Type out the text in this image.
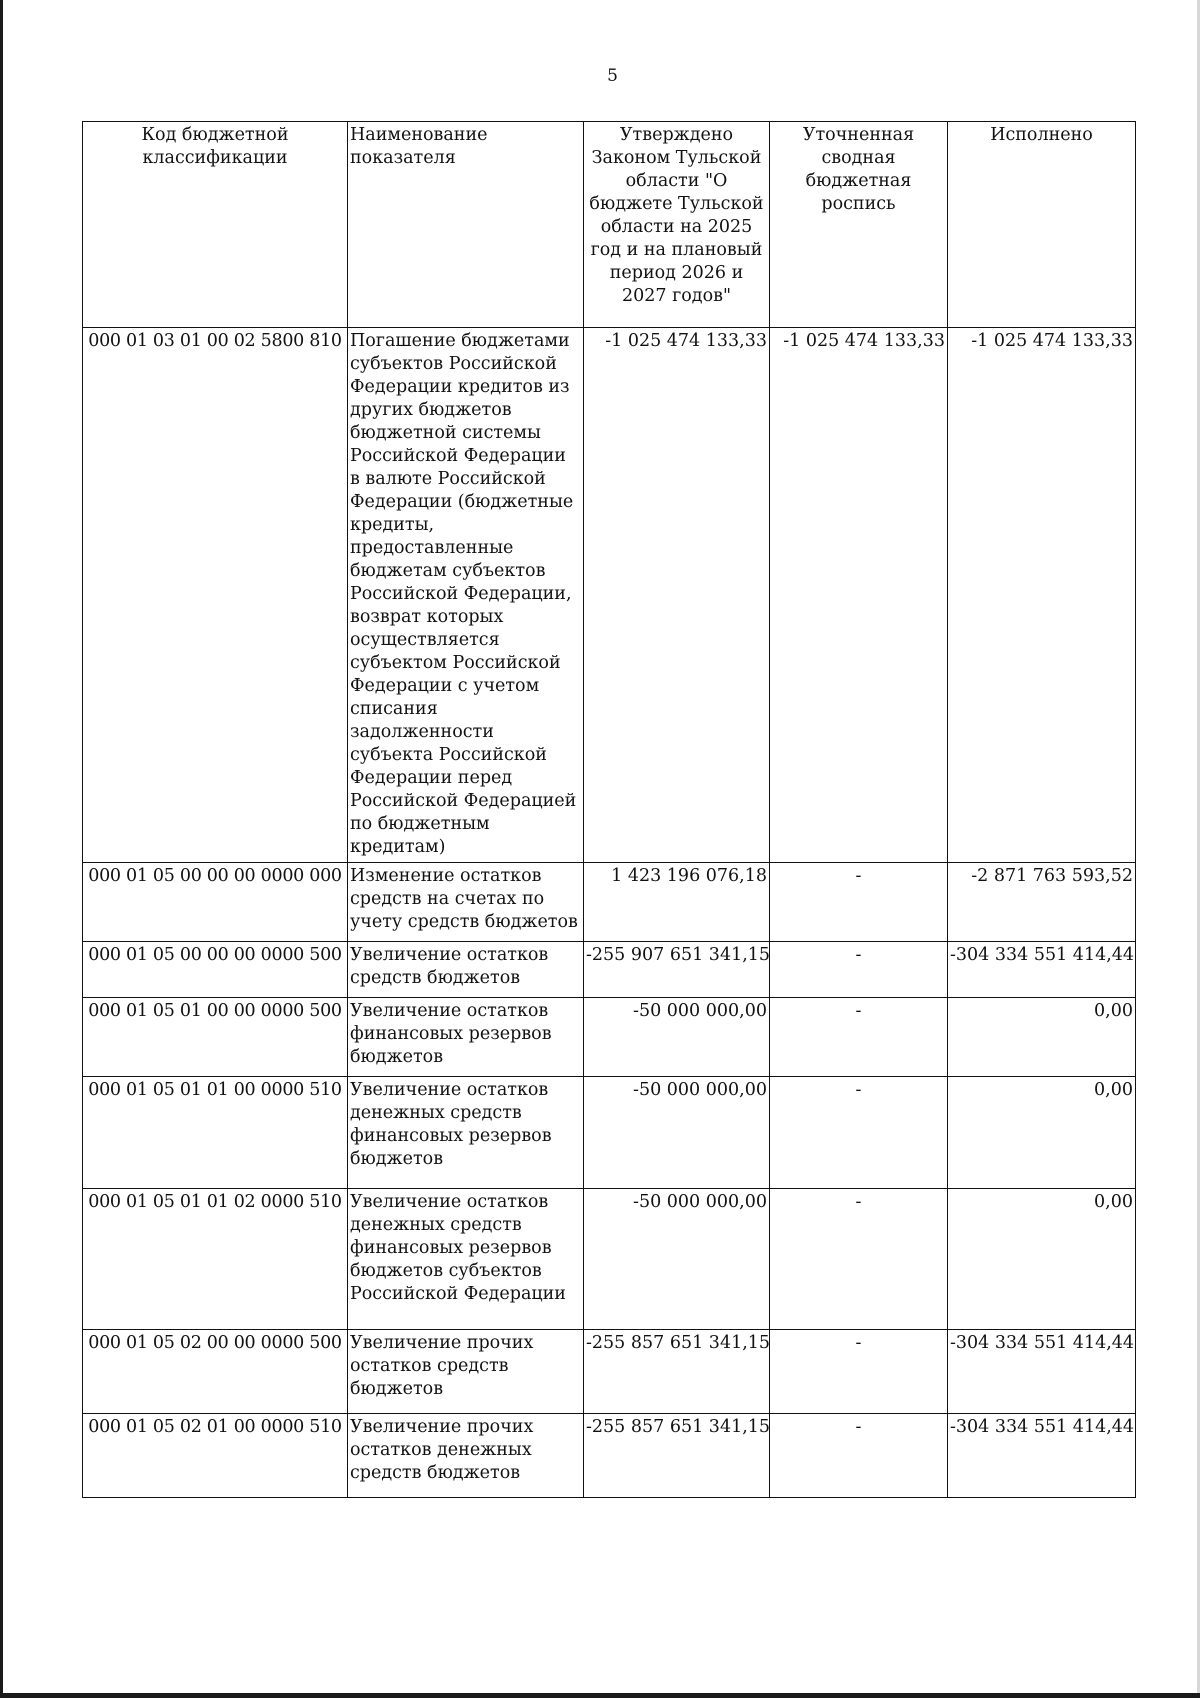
5
Код бюджетной классификации	Наименование показателя	Утверждено Законом Тульской области "О бюджете Тульской области на 2025 год и на плановый период 2026 и 2027 годов"	Уточненная сводная бюджетная роспись	Исполнено
000 01 03 01 00 02 5800 810	Погашение бюджетами субъектов Российской Федерации кредитов из других бюджетов бюджетной системы Российской Федерации в валюте Российской Федерации (бюджетные кредиты, предоставленные бюджетам субъектов Российской Федерации, возврат которых осуществляется субъектом Российской Федерации с учетом списания задолженности субъекта Российской Федерации перед Российской Федерацией по бюджетным кредитам)	-1 025 474 133,33	-1 025 474 133,33	-1 025 474 133,33
000 01 05 00 00 00 0000 000	Изменение остатков средств на счетах по учету средств бюджетов	1 423 196 076,18	-	-2 871 763 593,52
000 01 05 00 00 00 0000 500	Увеличение остатков средств бюджетов	-255 907 651 341,15	-	-304 334 551 414,44
000 01 05 01 00 00 0000 500	Увеличение остатков финансовых резервов бюджетов	-50 000 000,00	-	0,00
000 01 05 01 01 00 0000 510	Увеличение остатков денежных средств финансовых резервов бюджетов	-50 000 000,00	-	0,00
000 01 05 01 01 02 0000 510	Увеличение остатков денежных средств финансовых резервов бюджетов субъектов Российской Федерации	-50 000 000,00	-	0,00
000 01 05 02 00 00 0000 500	Увеличение прочих остатков средств бюджетов	-255 857 651 341,15	-	-304 334 551 414,44
000 01 05 02 01 00 0000 510	Увеличение прочих остатков денежных средств бюджетов	-255 857 651 341,15	-	-304 334 551 414,44
